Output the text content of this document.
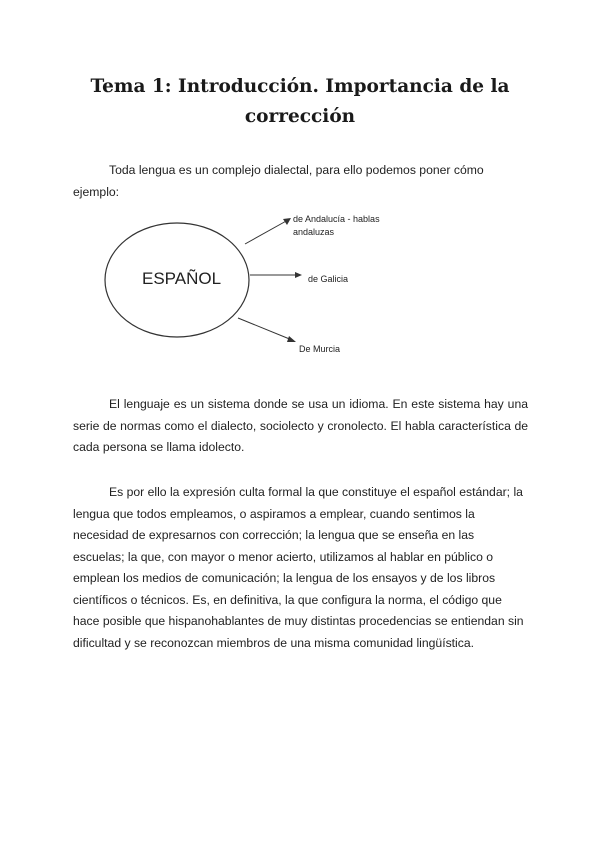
Tema 1: Introducción. Importancia de la
corrección

Toda lengua es un complejo dialectal, para ello podemos poner cómo ejemplo:

ESPAÑOL
de Andalucía - hablas
andaluzas
de Galicia
De Murcia

El lenguaje es un sistema donde se usa un idioma. En este sistema hay una serie de normas como el dialecto, sociolecto y cronolecto. El habla característica de cada persona se llama idolecto.

Es por ello la expresión culta formal la que constituye el español estándar; la lengua que todos empleamos, o aspiramos a emplear, cuando sentimos la necesidad de expresarnos con corrección; la lengua que se enseña en las escuelas; la que, con mayor o menor acierto, utilizamos al hablar en público o emplean los medios de comunicación; la lengua de los ensayos y de los libros científicos o técnicos. Es, en definitiva, la que configura la norma, el código que hace posible que hispanohablantes de muy distintas procedencias se entiendan sin dificultad y se reconozcan miembros de una misma comunidad lingüística.
